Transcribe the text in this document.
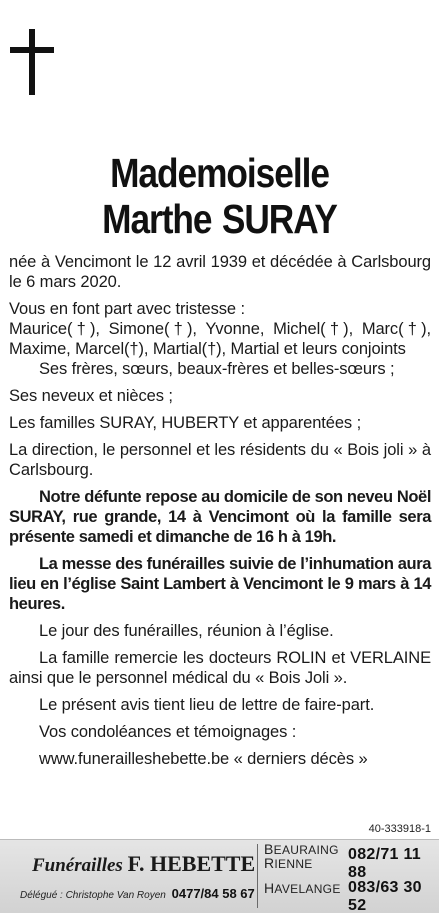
Mademoiselle
Marthe SURAY

née à Vencimont le 12 avril 1939 et décédée à Carlsbourg le 6 mars 2020.

Vous en font part avec tristesse :

Maurice(†), Simone(†), Yvonne, Michel(†), Marc(†), Maxime, Marcel(†), Martial(†), Martial et leurs conjoints

Ses frères, sœurs, beaux-frères et belles-sœurs ;

Ses neveux et nièces ;

Les familles SURAY, HUBERTY et apparentées ;

La direction, le personnel et les résidents du « Bois joli » à Carlsbourg.

Notre défunte repose au domicile de son neveu Noël SURAY, rue grande, 14 à Vencimont où la famille sera présente samedi et dimanche de 16 h à 19h.

La messe des funérailles suivie de l’inhumation aura lieu en l’église Saint Lambert à Vencimont le 9 mars à 14 heures.

Le jour des funérailles, réunion à l’église.

La famille remercie les docteurs ROLIN et VERLAINE ainsi que le personnel médical du « Bois Joli ».

Le présent avis tient lieu de lettre de faire-part.

Vos condoléances et témoignages :

www.funerailleshebette.be « derniers décès »

40-333918-1
Funérailles F. HEBETTE
Délégué : Christophe Van Royen 0477/84 58 67
BEAURAING
RIENNE
082/71 11 88
HAVELANGE 083/63 30 52
